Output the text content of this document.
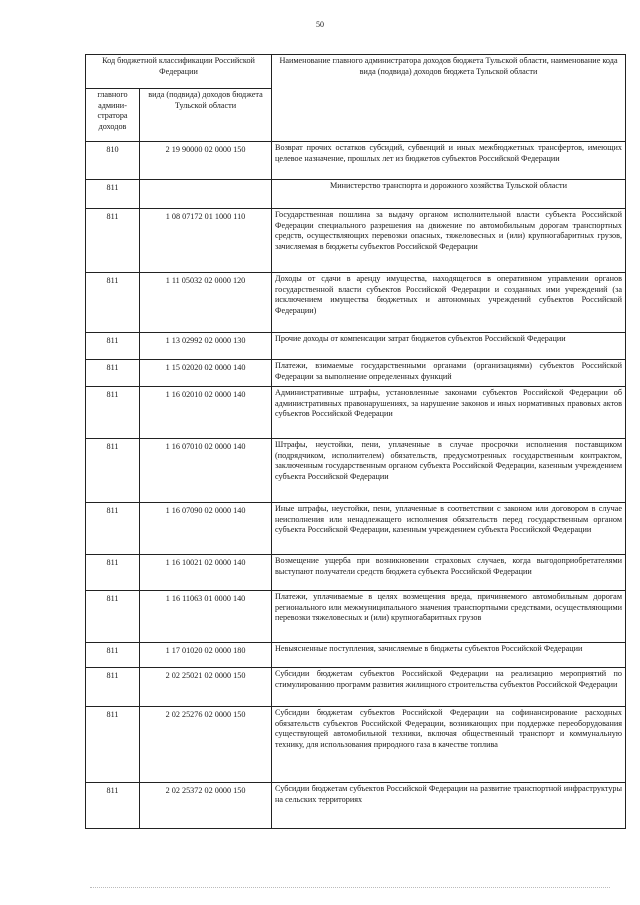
50
Код бюджетной классификации Российской Федерации		Наименование главного администратора доходов бюджета Тульской области, наименование кода вида (подвида) доходов бюджета Тульской области
главного админи-стратора доходов	вида (подвида) доходов бюджета Тульской области	
810	2 19 90000 02 0000 150	Возврат прочих остатков субсидий, субвенций и иных межбюджетных трансфертов, имеющих целевое назначение, прошлых лет из бюджетов субъектов Российской Федерации
811		Министерство транспорта и дорожного хозяйства Тульской области
811	1 08 07172 01 1000 110	Государственная пошлина за выдачу органом исполнительной власти субъекта Российской Федерации специального разрешения на движение по автомобильным дорогам транспортных средств, осуществляющих перевозки опасных, тяжеловесных и (или) крупногабаритных грузов, зачисляемая в бюджеты субъектов Российской Федерации
811	1 11 05032 02 0000 120	Доходы от сдачи в аренду имущества, находящегося в оперативном управлении органов государственной власти субъектов Российской Федерации и созданных ими учреждений (за исключением имущества бюджетных и автономных учреждений субъектов Российской Федерации)
811	1 13 02992 02 0000 130	Прочие доходы от компенсации затрат бюджетов субъектов Российской Федерации
811	1 15 02020 02 0000 140	Платежи, взимаемые государственными органами (организациями) субъектов Российской Федерации за выполнение определенных функций
811	1 16 02010 02 0000 140	Административные штрафы, установленные законами субъектов Российской Федерации об административных правонарушениях, за нарушение законов и иных нормативных правовых актов субъектов Российской Федерации
811	1 16 07010 02 0000 140	Штрафы, неустойки, пени, уплаченные в случае просрочки исполнения поставщиком (подрядчиком, исполнителем) обязательств, предусмотренных государственным контрактом, заключенным государственным органом субъекта Российской Федерации, казенным учреждением субъекта Российской Федерации
811	1 16 07090 02 0000 140	Иные штрафы, неустойки, пени, уплаченные в соответствии с законом или договором в случае неисполнения или ненадлежащего исполнения обязательств перед государственным органом субъекта Российской Федерации, казенным учреждением субъекта Российской Федерации
811	1 16 10021 02 0000 140	Возмещение ущерба при возникновении страховых случаев, когда выгодоприобретателями выступают получатели средств бюджета субъекта Российской Федерации
811	1 16 11063 01 0000 140	Платежи, уплачиваемые в целях возмещения вреда, причиняемого автомобильным дорогам регионального или межмуниципального значения транспортными средствами, осуществляющими перевозки тяжеловесных и (или) крупногабаритных грузов
811	1 17 01020 02 0000 180	Невыясненные поступления, зачисляемые в бюджеты субъектов Российской Федерации
811	2 02 25021 02 0000 150	Субсидии бюджетам субъектов Российской Федерации на реализацию мероприятий по стимулированию программ развития жилищного строительства субъектов Российской Федерации
811	2 02 25276 02 0000 150	Субсидии бюджетам субъектов Российской Федерации на софинансирование расходных обязательств субъектов Российской Федерации, возникающих при поддержке переоборудования существующей автомобильной техники, включая общественный транспорт и коммунальную технику, для использования природного газа в качестве топлива
811	2 02 25372 02 0000 150	Субсидии бюджетам субъектов Российской Федерации на развитие транспортной инфраструктуры на сельских территориях
